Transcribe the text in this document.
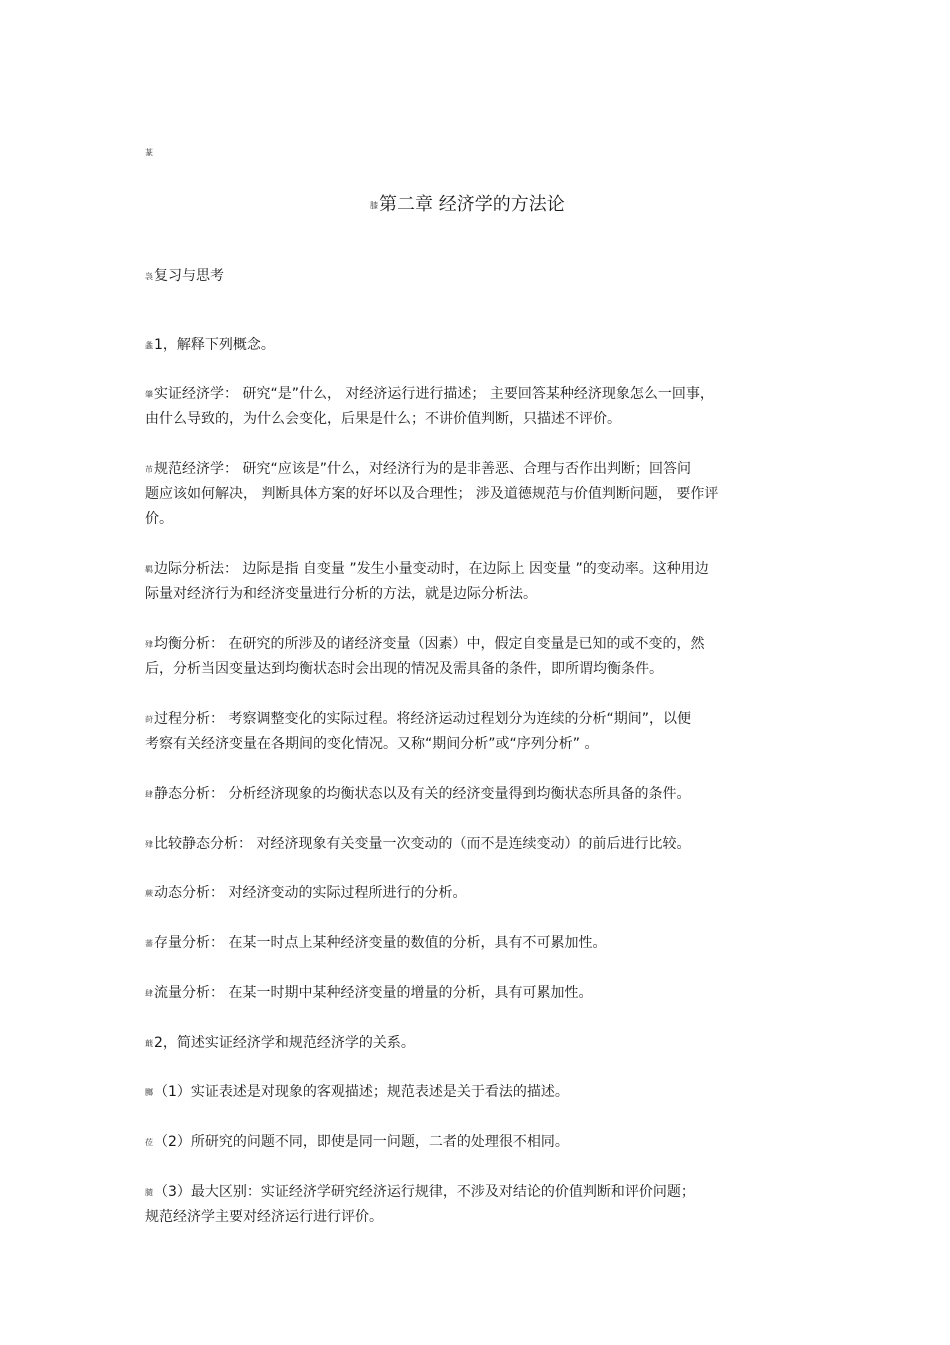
蒃
膝第二章 经济学的方法论
袅复习与思考
螽1，解释下列概念。
肇实证经济学： 研究“是”什么， 对经济运行进行描述； 主要回答某种经济现象怎么一回事，
由什么导致的，为什么会变化，后果是什么；不讲价值判断，只描述不评价。
芇规范经济学： 研究“应该是”什么，对经济行为的是非善恶、合理与否作出判断；回答问
题应该如何解决， 判断具体方案的好坏以及合理性； 涉及道德规范与价值判断问题， 要作评
价。
羁边际分析法： 边际是指 自变量 ”发生小量变动时，在边际上 因变量 ”的变动率。这种用边
际量对经济行为和经济变量进行分析的方法，就是边际分析法。
肂均衡分析： 在研究的所涉及的诸经济变量（因素）中，假定自变量是已知的或不变的，然
后，分析当因变量达到均衡状态时会出现的情况及需具备的条件，即所谓均衡条件。
莳过程分析： 考察调整变化的实际过程。将经济运动过程划分为连续的分析“期间”，以便
考察有关经济变量在各期间的变化情况。又称“期间分析”或“序列分析” 。
肆静态分析： 分析经济现象的均衡状态以及有关的经济变量得到均衡状态所具备的条件。
肂比较静态分析： 对经济现象有关变量一次变动的（而不是连续变动）的前后进行比较。
蕨动态分析： 对经济变动的实际过程所进行的分析。
蕃存量分析： 在某一时点上某种经济变量的数值的分析，具有不可累加性。
肆流量分析： 在某一时期中某种经济变量的增量的分析，具有可累加性。
蕺2，简述实证经济学和规范经济学的关系。
膷（1）实证表述是对现象的客观描述；规范表述是关于看法的描述。
莅（2）所研究的问题不同，即使是同一问题，二者的处理很不相同。
膸（3）最大区别：实证经济学研究经济运行规律，不涉及对结论的价值判断和评价问题；
规范经济学主要对经济运行进行评价。
